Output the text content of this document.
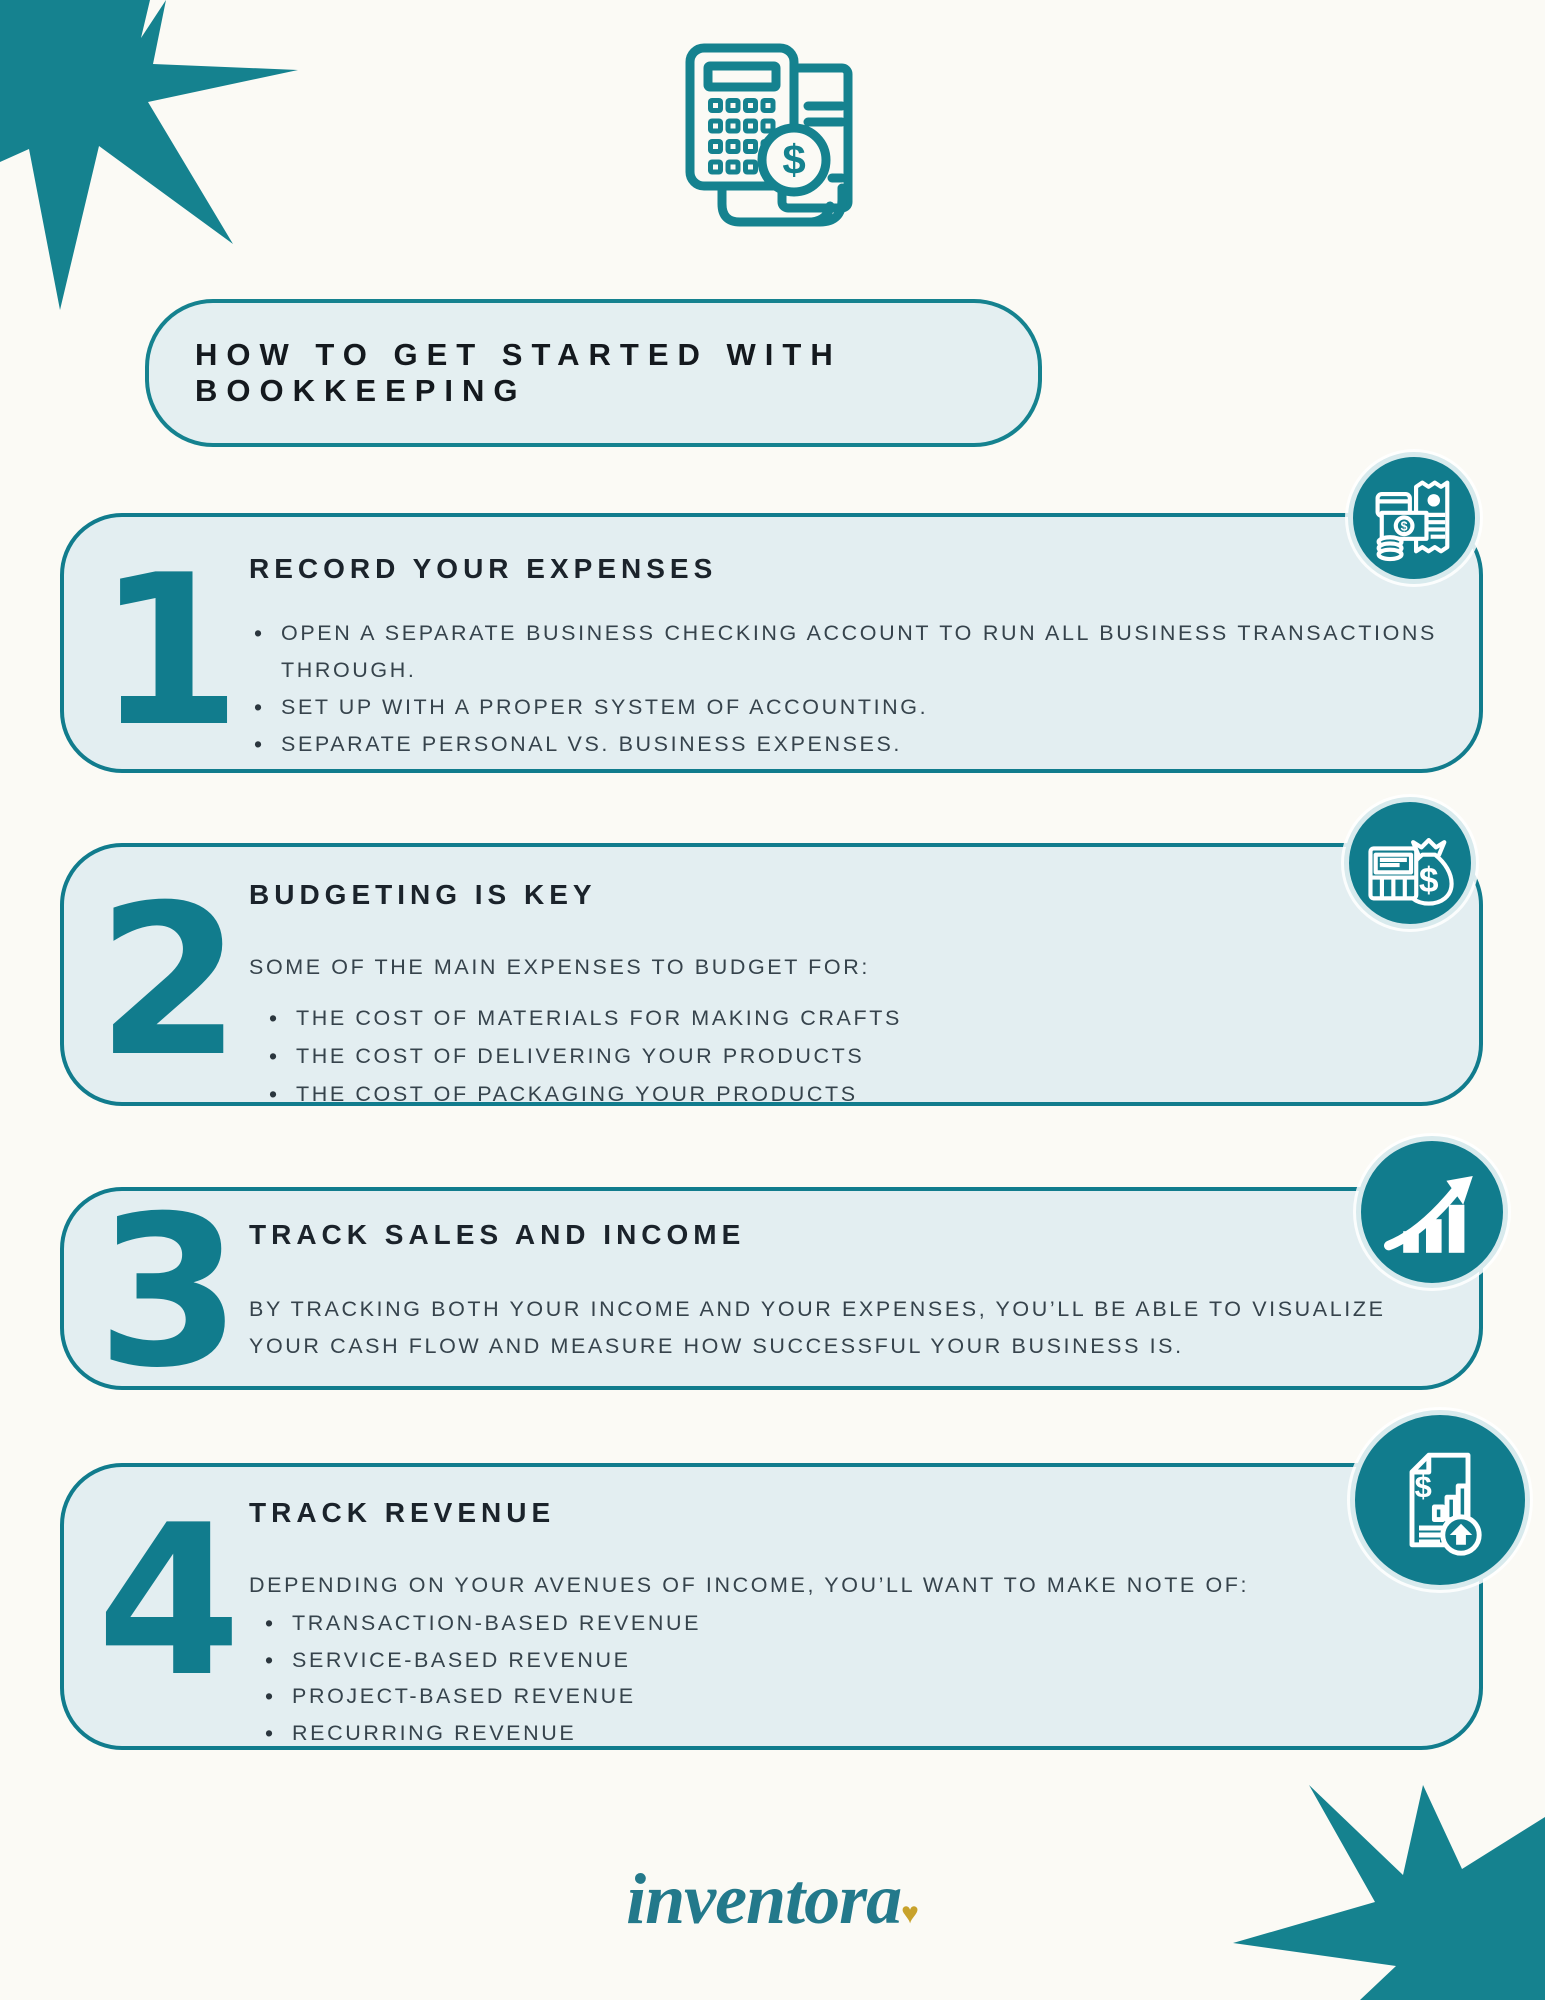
$
HOW TO GET STARTED WITH BOOKKEEPING
1 RECORD YOUR EXPENSES
• OPEN A SEPARATE BUSINESS CHECKING ACCOUNT TO RUN ALL BUSINESS TRANSACTIONS THROUGH.
• SET UP WITH A PROPER SYSTEM OF ACCOUNTING.
• SEPARATE PERSONAL VS. BUSINESS EXPENSES.
$
2 BUDGETING IS KEY

SOME OF THE MAIN EXPENSES TO BUDGET FOR:

• THE COST OF MATERIALS FOR MAKING CRAFTS
• THE COST OF DELIVERING YOUR PRODUCTS
• THE COST OF PACKAGING YOUR PRODUCTS
$
3 TRACK SALES AND INCOME

BY TRACKING BOTH YOUR INCOME AND YOUR EXPENSES, YOU’LL BE ABLE TO VISUALIZE YOUR CASH FLOW AND MEASURE HOW SUCCESSFUL YOUR BUSINESS IS.

4 TRACK REVENUE

DEPENDING ON YOUR AVENUES OF INCOME, YOU’LL WANT TO MAKE NOTE OF:

• TRANSACTION-BASED REVENUE
• SERVICE-BASED REVENUE
• PROJECT-BASED REVENUE
• RECURRING REVENUE
$
inventora♥
